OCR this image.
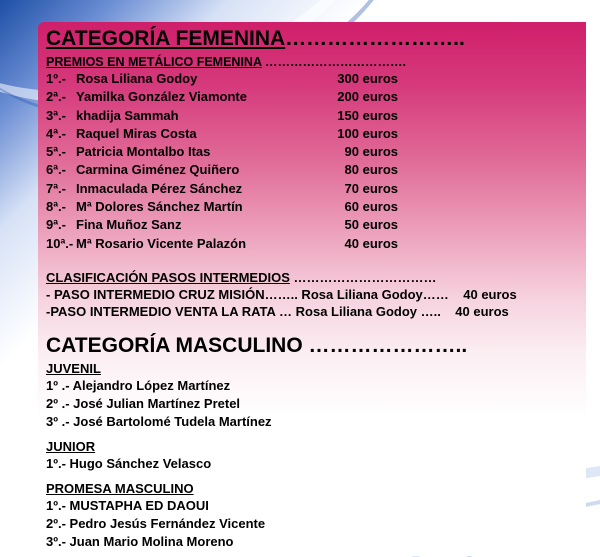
CATEGORÍA FEMENINA……………………..
PREMIOS EN METÁLICO FEMENINA …………………………….
1º.- Rosa Liliana Godoy	300 euros
2ª.- Yamilka González Viamonte	200 euros
3ª.- khadija Sammah	150 euros
4ª.- Raquel Miras Costa	100 euros
5ª.- Patricia Montalbo Itas	90 euros
6ª.- Carmina Giménez Quiñero	80 euros
7ª.- Inmaculada Pérez Sánchez	70 euros
8ª.- Mª Dolores Sánchez Martín	60 euros
9ª.- Fina Muñoz Sanz	50 euros
10ª.- Mª Rosario Vicente Palazón	40 euros
CLASIFICACIÓN PASOS INTERMEDIOS ……………………………
- PASO INTERMEDIO CRUZ MISIÓN…….. Rosa Liliana Godoy…… 40 euros
-PASO INTERMEDIO VENTA LA RATA … Rosa Liliana Godoy ….. 40 euros
CATEGORÍA MASCULINO …………………..
JUVENIL
1º .- Alejandro López Martínez
2º .- José Julian Martínez Pretel
3º .- José Bartolomé Tudela Martínez
JUNIOR
1º.- Hugo Sánchez Velasco
PROMESA MASCULINO
1º.- MUSTAPHA ED DAOUI
2º.- Pedro Jesús Fernández Vicente
3º.- Juan Mario Molina Moreno
